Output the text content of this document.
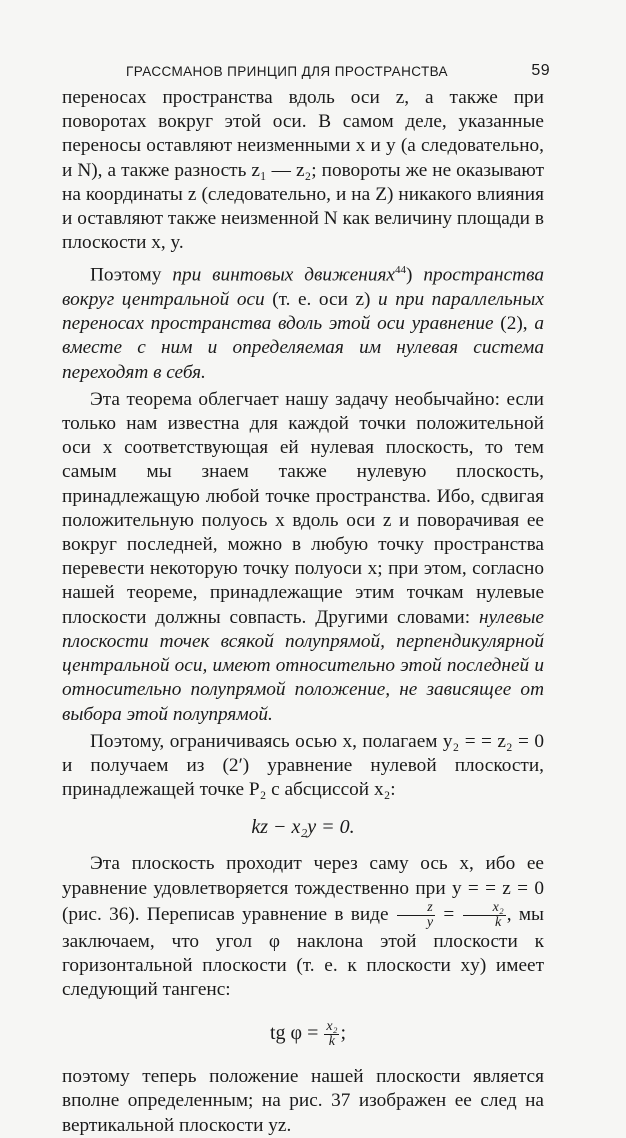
ГРАССМАНОВ ПРИНЦИП ДЛЯ ПРОСТРАНСТВА	59

переносах пространства вдоль оси z, а также при поворотах вокруг этой оси. В самом деле, указанные переносы оставляют неизменными x и y (а следовательно, и N), а также разность z₁ — z₂; повороты же не оказывают на координаты z (следовательно, и на Z) никакого влияния и оставляют также неизменной N как величину площади в плоскости x, y.

Поэтому при винтовых движениях$^{44}$) пространства вокруг центральной оси (т. е. оси z) и при параллельных переносах пространства вдоль этой оси уравнение (2), а вместе с ним и определяемая им нулевая система переходят в себя.

Эта теорема облегчает нашу задачу необычайно: если только нам известна для каждой точки положительной оси x соответствующая ей нулевая плоскость, то тем самым мы знаем также нулевую плоскость, принадлежащую любой точке пространства. Ибо, сдвигая положительную полуось x вдоль оси z и поворачивая ее вокруг последней, можно в любую точку пространства перевести некоторую точку полуоси x; при этом, согласно нашей теореме, принадлежащие этим точкам нулевые плоскости должны совпасть. Другими словами: нулевые плоскости точек всякой полупрямой, перпендикулярной центральной оси, имеют относительно этой последней и относительно полупрямой положение, не зависящее от выбора этой полупрямой.

Поэтому, ограничиваясь осью x, полагаем y₂ = = z₂ = 0 и получаем из (2′) уравнение нулевой плоскости, принадлежащей точке P₂ с абсциссой x₂:

kz − x₂y = 0.

Эта плоскость проходит через саму ось x, ибо ее уравнение удовлетворяется тождественно при y = = z = 0 (рис. 36). Переписав уравнение в виде $\frac{z}{y} = \frac{\text{x₂}}{k}$ , мы заключаем, что угол φ наклона этой плоскости к горизонтальной плоскости (т. е. к плоскости xy) имеет следующий тангенс:

tg $\varphi = \frac{\text{x₂}}{k}$ ;

поэтому теперь положение нашей плоскости является вполне определенным; на рис. 37 изображен ее след на вертикальной плоскости yz.
